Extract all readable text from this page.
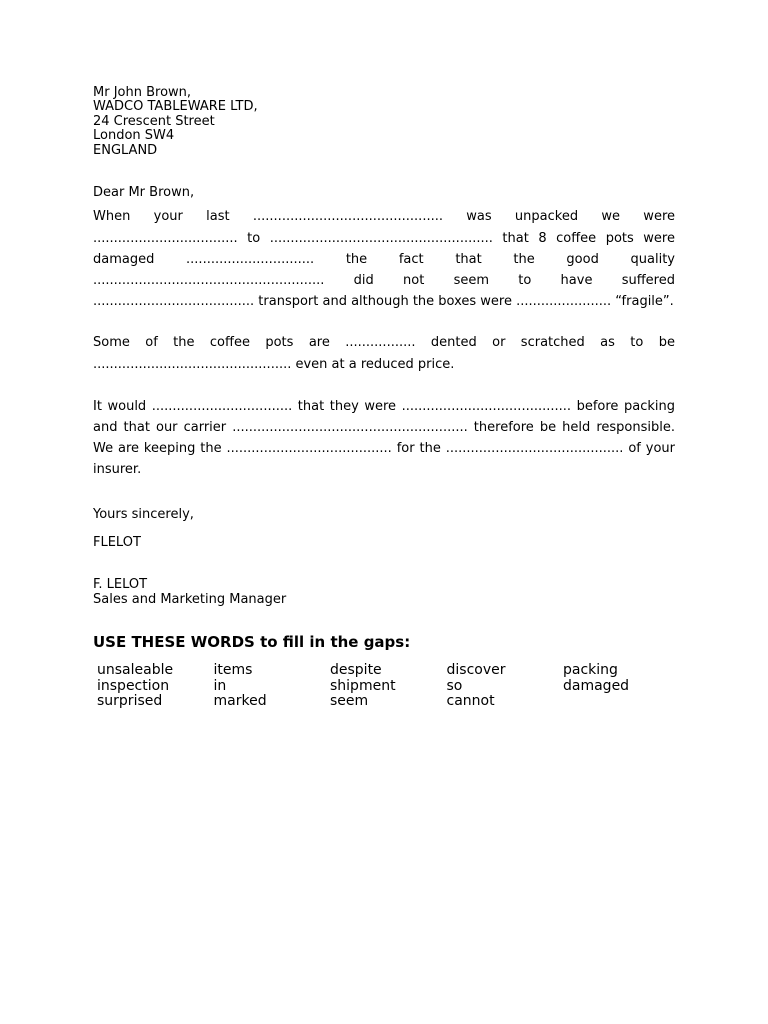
Mr John Brown,
WADCO TABLEWARE LTD,
24 Crescent Street
London SW4
ENGLAND
Dear Mr Brown,

When your last .............................................. was unpacked we were ................................... to ...................................................... that 8 coffee pots were damaged ............................... the fact that the good quality ........................................................ did not seem to have suffered ....................................... transport and although the boxes were ....................... “fragile”.

Some of the coffee pots are ................. dented or scratched as to be ................................................ even at a reduced price.

It would .................................. that they were ......................................... before packing and that our carrier ......................................................... therefore be held responsible. We are keeping the ........................................ for the ........................................... of your insurer.

Yours sincerely,
FLELOT
F. LELOT
Sales and Marketing Manager
USE THESE WORDS to fill in the gaps:
unsaleable	items	despite	discover	packing
inspection	in	shipment	so	damaged
surprised	marked	seem	cannot
